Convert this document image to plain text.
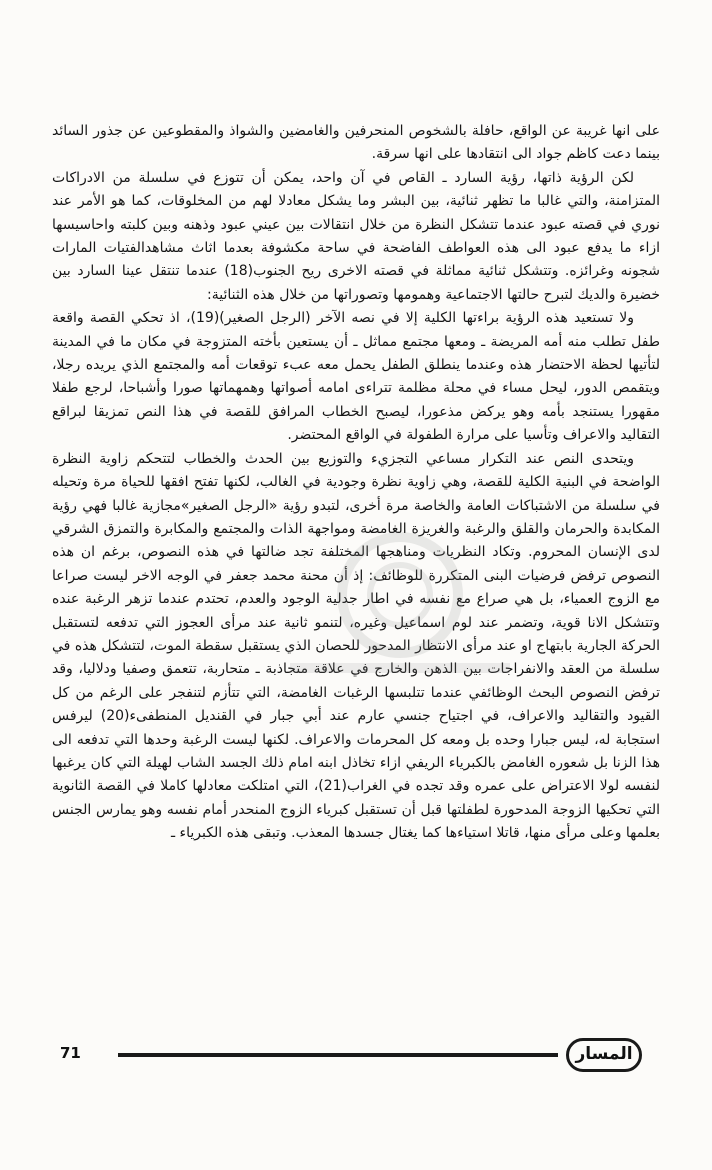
على انها غريبة عن الواقع، حافلة بالشخوص المنحرفين والغامضين والشواذ والمقطوعين عن جذور السائد بينما دعت كاظم جواد الى انتقادها على انها سرقة.

لكن الرؤية ذاتها، رؤية السارد ـ القاص في آن واحد، يمكن أن تتوزع في سلسلة من الادراكات المتزامنة، والتي غالبا ما تظهر ثنائية، بين البشر وما يشكل معادلا لهم من المخلوقات، كما هو الأمر عند نوري في قصته عبود عندما تتشكل النظرة من خلال انتقالات بين عيني عبود وذهنه وبين كلبته واحاسيسها ازاء ما يدفع عبود الى هذه العواطف الفاضحة في ساحة مكشوفة بعدما اثاث مشاهدالفتيات المارات شجونه وغرائزه. وتتشكل ثنائية مماثلة في قصته الاخرى ريح الجنوب(18) عندما تنتقل عينا السارد بين خضيرة والديك لتبرح حالتها الاجتماعية وهمومها وتصوراتها من خلال هذه الثنائية:

ولا تستعيد هذه الرؤية براءتها الكلية إلا في نصه الآخر (الرجل الصغير)(19)، اذ تحكي القصة واقعة طفل تطلب منه أمه المريضة ـ ومعها مجتمع مماثل ـ أن يستعين بأخته المتزوجة في مكان ما في المدينة لتأتيها لحظة الاحتضار هذه وعندما ينطلق الطفل يحمل معه عبء توقعات أمه والمجتمع الذي يريده رجلا، ويتقمص الدور، ليحل مساء في محلة مظلمة تتراءى امامه أصواتها وهمهماتها صورا وأشباحا، لرجع طفلا مقهورا يستنجد بأمه وهو يركض مذعورا، ليصبح الخطاب المرافق للقصة في هذا النص تمزيقا لبراقع التقاليد والاعراف وتأسيا على مرارة الطفولة في الواقع المحتضر.

ويتحدى النص عند التكرار مساعي التجزيء والتوزيع بين الحدث والخطاب لتتحكم زاوية النظرة الواضحة في البنية الكلية للقصة، وهي زاوية نظرة وجودية في الغالب، لكنها تفتح افقها للحياة مرة وتحيله في سلسلة من الاشتباكات العامة والخاصة مرة أخرى، لتبدو رؤية «الرجل الصغير»مجازية غالبا فهي رؤية المكابدة والحرمان والقلق والرغبة والغريزة الغامضة ومواجهة الذات والمجتمع والمكابرة والتمزق الشرقي لدى الإنسان المحروم. وتكاد النظريات ومناهجها المختلفة تجد ضالتها في هذه النصوص، برغم ان هذه النصوص ترفض فرضيات البنى المتكررة للوظائف: إذ أن محنة محمد جعفر في الوجه الاخر ليست صراعا مع الزوج العمياء، بل هي صراع مع نفسه في اطار جدلية الوجود والعدم، تحتدم عندما تزهر الرغبة عنده وتتشكل الانا قوية، وتضمر عند لوم اسماعيل وغيره، لتنمو ثانية عند مرأى العجوز التي تدفعه لتستقبل الحركة الجارية بابتهاج او عند مرأى الانتظار المدحور للحصان الذي يستقبل سقطة الموت، لتتشكل هذه في سلسلة من العقد والانفراجات بين الذهن والخارج في علاقة متجاذبة ـ متحاربة، تتعمق وصفيا ودلاليا، وقد ترفض النصوص البحث الوظائفي عندما تتلبسها الرغبات الغامضة، التي تتأزم لتنفجر على الرغم من كل القيود والتقاليد والاعراف، في اجتياح جنسي عارم عند أبي جبار في القنديل المنطفىء(20) ليرفس استجابة له، ليس جبارا وحده بل ومعه كل المحرمات والاعراف. لكنها ليست الرغبة وحدها التي تدفعه الى هذا الزنا بل شعوره الغامض بالكبرياء الريفي ازاء تخاذل ابنه امام ذلك الجسد الشاب لهيلة التي كان يرغبها لنفسه لولا الاعتراض على عمره وقد تجده في الغراب(21)، التي امتلكت معادلها كاملا في القصة الثانوية التي تحكيها الزوجة المدحورة لطفلتها قبل أن تستقبل كبرياء الزوج المنحدر أمام نفسه وهو يمارس الجنس بعلمها وعلى مرأى منها، قاتلا استياءها كما يغتال جسدها المعذب. وتبقى هذه الكبرياء ـ

المسار
71
